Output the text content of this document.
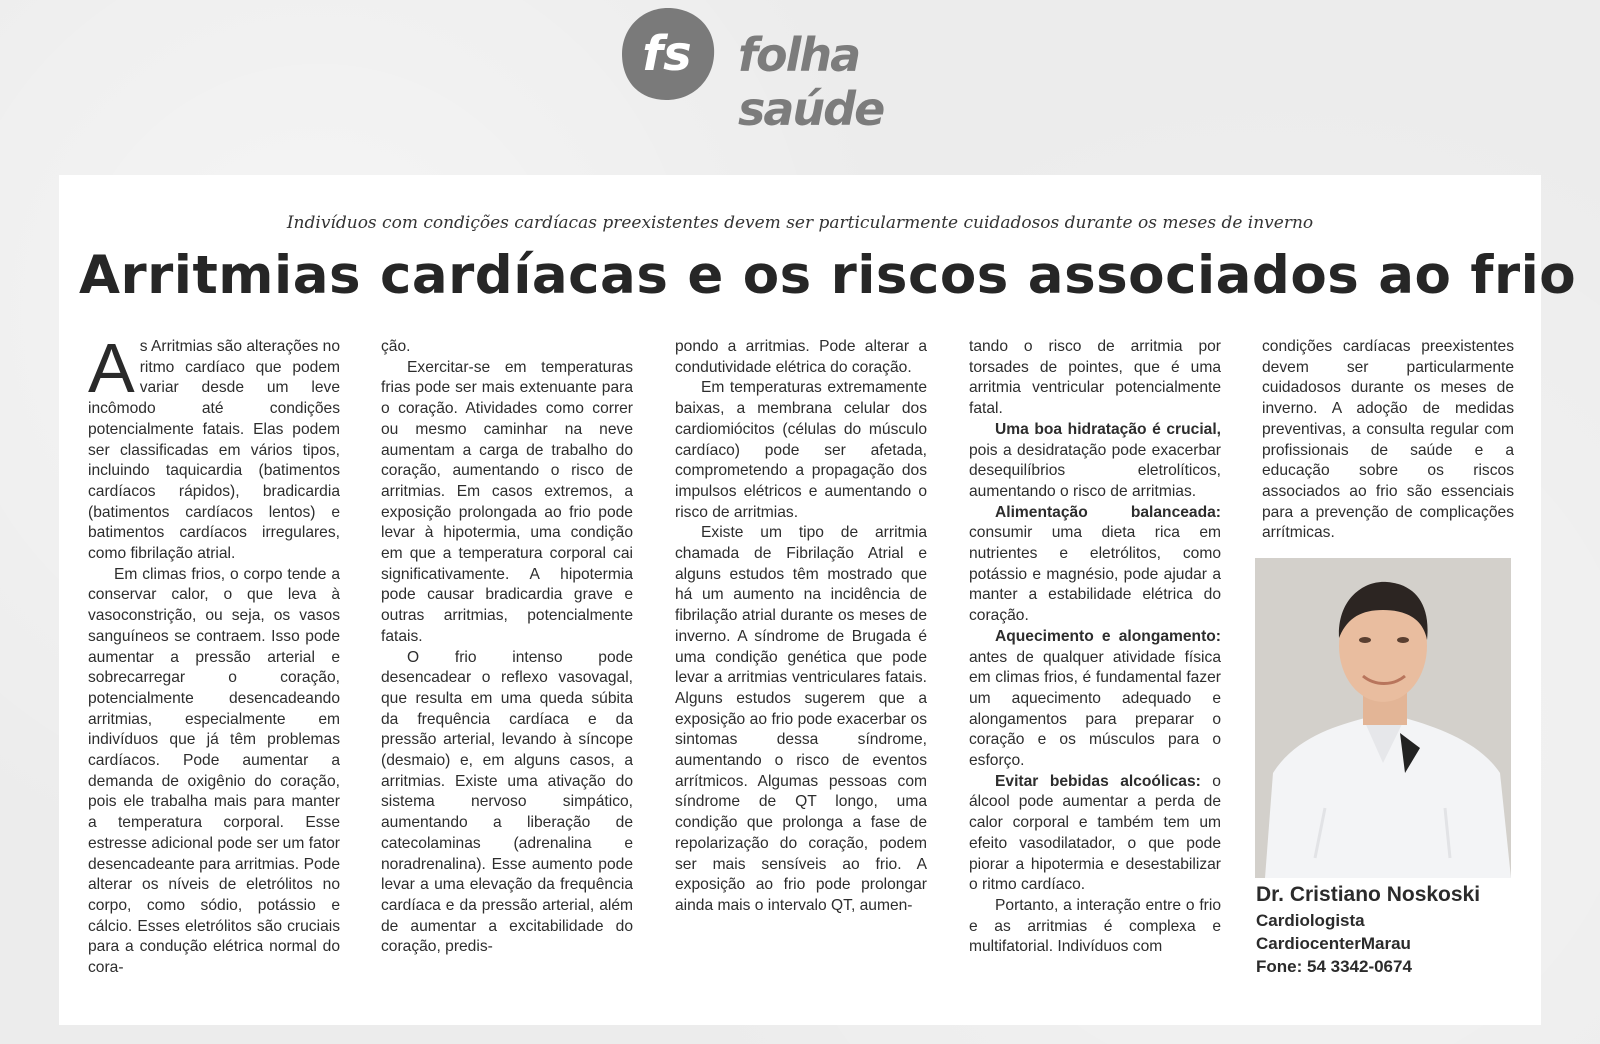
fs folha saúde
Indivíduos com condições cardíacas preexistentes devem ser particularmente cuidadosos durante os meses de inverno
Arritmias cardíacas e os riscos associados ao frio

As Arritmias são alterações no ritmo cardíaco que podem variar desde um leve incômodo até condições potencialmente fatais. Elas podem ser classificadas em vários tipos, incluindo taquicardia (batimentos cardíacos rápidos), bradicardia (batimentos cardíacos lentos) e batimentos cardíacos irregulares, como fibrilação atrial.

Em climas frios, o corpo tende a conservar calor, o que leva à vasoconstrição, ou seja, os vasos sanguíneos se contraem. Isso pode aumentar a pressão arterial e sobrecarregar o coração, potencialmente desencadeando arritmias, especialmente em indivíduos que já têm problemas cardíacos. Pode aumentar a demanda de oxigênio do coração, pois ele trabalha mais para manter a temperatura corporal. Esse estresse adicional pode ser um fator desencadeante para arritmias. Pode alterar os níveis de eletrólitos no corpo, como sódio, potássio e cálcio. Esses eletrólitos são cruciais para a condução elétrica normal do cora-

ção.

Exercitar-se em temperaturas frias pode ser mais extenuante para o coração. Atividades como correr ou mesmo caminhar na neve aumentam a carga de trabalho do coração, aumentando o risco de arritmias. Em casos extremos, a exposição prolongada ao frio pode levar à hipotermia, uma condição em que a temperatura corporal cai significativamente. A hipotermia pode causar bradicardia grave e outras arritmias, potencialmente fatais.

O frio intenso pode desencadear o reflexo vasovagal, que resulta em uma queda súbita da frequência cardíaca e da pressão arterial, levando à síncope (desmaio) e, em alguns casos, a arritmias. Existe uma ativação do sistema nervoso simpático, aumentando a liberação de catecolaminas (adrenalina e noradrenalina). Esse aumento pode levar a uma elevação da frequência cardíaca e da pressão arterial, além de aumentar a excitabilidade do coração, predis-

pondo a arritmias. Pode alterar a condutividade elétrica do coração.

Em temperaturas extremamente baixas, a membrana celular dos cardiomiócitos (células do músculo cardíaco) pode ser afetada, comprometendo a propagação dos impulsos elétricos e aumentando o risco de arritmias.

Existe um tipo de arritmia chamada de Fibrilação Atrial e alguns estudos têm mostrado que há um aumento na incidência de fibrilação atrial durante os meses de inverno. A síndrome de Brugada é uma condição genética que pode levar a arritmias ventriculares fatais. Alguns estudos sugerem que a exposição ao frio pode exacerbar os sintomas dessa síndrome, aumentando o risco de eventos arrítmicos. Algumas pessoas com síndrome de QT longo, uma condição que prolonga a fase de repolarização do coração, podem ser mais sensíveis ao frio. A exposição ao frio pode prolongar ainda mais o intervalo QT, aumen-

tando o risco de arritmia por torsades de pointes, que é uma arritmia ventricular potencialmente fatal.

Uma boa hidratação é crucial, pois a desidratação pode exacerbar desequilíbrios eletrolíticos, aumentando o risco de arritmias.

Alimentação balanceada: consumir uma dieta rica em nutrientes e eletrólitos, como potássio e magnésio, pode ajudar a manter a estabilidade elétrica do coração.

Aquecimento e alongamento: antes de qualquer atividade física em climas frios, é fundamental fazer um aquecimento adequado e alongamentos para preparar o coração e os músculos para o esforço.

Evitar bebidas alcoólicas: o álcool pode aumentar a perda de calor corporal e também tem um efeito vasodilatador, o que pode piorar a hipotermia e desestabilizar o ritmo cardíaco.

Portanto, a interação entre o frio e as arritmias é complexa e multifatorial. Indivíduos com

condições cardíacas preexistentes devem ser particularmente cuidadosos durante os meses de inverno. A adoção de medidas preventivas, a consulta regular com profissionais de saúde e a educação sobre os riscos associados ao frio são essenciais para a prevenção de complicações arrítmicas.

Dr. Cristiano Noskoski
Cardiologista
CardiocenterMarau
Fone: 54 3342-0674
